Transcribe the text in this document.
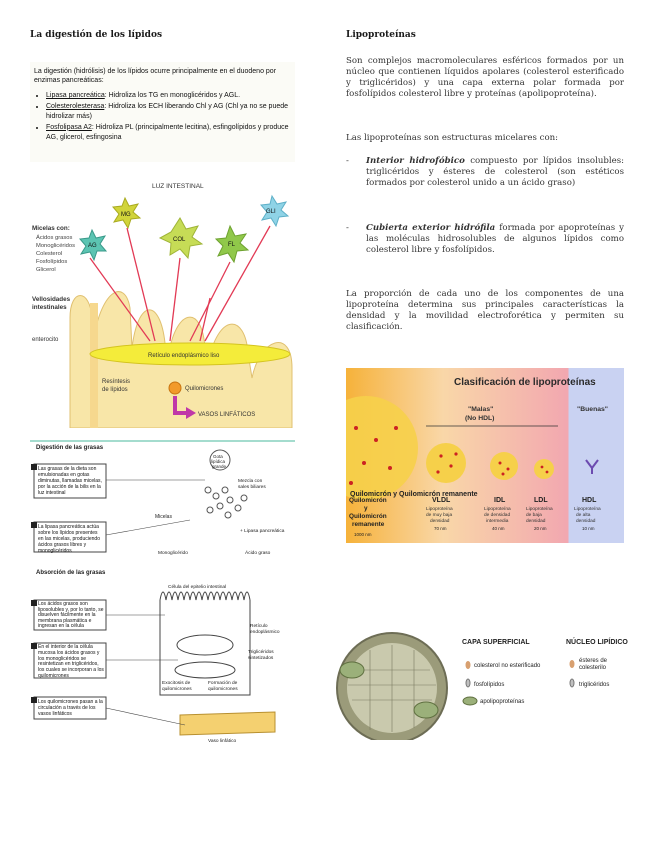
La digestión de los lípidos
La digestión (hidrólisis) de los lípidos ocurre principalmente en el duodeno por enzimas pancreáticas:
• Lipasa pancreática: Hidroliza los TG en monoglicéridos y AGL.
• Colesterolesterasa: Hidroliza los ECH liberando Chl y AG (Chl ya no se puede hidrolizar más)
• Fosfolipasa A2: Hidroliza PL (principalmente lecitina), esfingolípidos y produce AG, glicerol, esfingosina
LUZ INTESTINAL
AG
MG
COL
FL
GLI
Micelas con:
Ácidos grasos
Monoglicéridos
Colesterol
Fosfolípidos
Glicerol
Vellosidades
intestinales
enterocito
Retículo endoplásmico liso
Resíntesis
de lípidos	Quilomicrones
VASOS LINFÁTICOS
Digestión de las grasas
Gota
lipídica
grande
Mezcla con
sales biliares
Micelas
+ Lipasa pancreática
Monoglicérido	Ácido graso
Absorción de las grasas
Célula del epitelio intestinal
Retículo
endoplásmico
Triglicéridos
sintetizados
Exocitosis de
quilomicrones
Formación de
quilomicrones
Vaso linfático
Las grasas de la dieta son emulsionadas en gotas diminutas, llamadas micelas, por la acción de la bilis en la luz intestinal
La lipasa pancreática actúa sobre los lípidos presentes en las micelas, produciendo ácidos grasos libres y monoglicéridos
Los ácidos grasos son liposolubles y, por lo tanto, se disuelven fácilmente en la membrana plasmática e ingresan en la célula
En el interior de la célula mucosa los ácidos grasos y los monoglicéridos se resintetizan en triglicéridos, los cuales se incorporan a los quilomicrones
Los quilomicrones pasan a la circulación a través de los vasos linfáticos
Lipoproteínas
Son complejos macromoleculares esféricos formados por un núcleo que contienen líquidos apolares (colesterol esterificado y triglicéridos) y una capa externa polar formada por fosfolípidos colesterol libre y proteínas (apolipoproteína).
Las lipoproteínas son estructuras micelares con:
- Interior hidrofóbico compuesto por lípidos insolubles: triglicéridos y ésteres de colesterol (son estéticos formados por colesterol unido a un ácido graso)
- Cubierta exterior hidrófila formada por apoproteínas y las moléculas hidrosolubles de algunos lípidos como colesterol libre y fosfolípidos.
La proporción de cada uno de los componentes de una lipoproteína determina sus principales características la densidad y la movilidad electroforética y permiten su clasificación.
Clasificación de lipoproteínas
"Malas"
(No HDL)
"Buenas"
Quilomicrón y Quilomicrón remanente
Quilomicrón
y
Quilomicrón
remanente
1000 nm
VLDL
Lipoproteína
de muy baja
densidad
70 nm
IDL
Lipoproteína
de densidad
intermedia
40 nm
LDL
Lipoproteína
de baja
densidad
20 nm
HDL
Lipoproteína
de alta
densidad
10 nm
CAPA SUPERFICIAL	NÚCLEO LIPÍDICO
colesterol no esterificado
ésteres de
colesterilo
fosfolípidos	triglicéridos
apolipoproteínas
